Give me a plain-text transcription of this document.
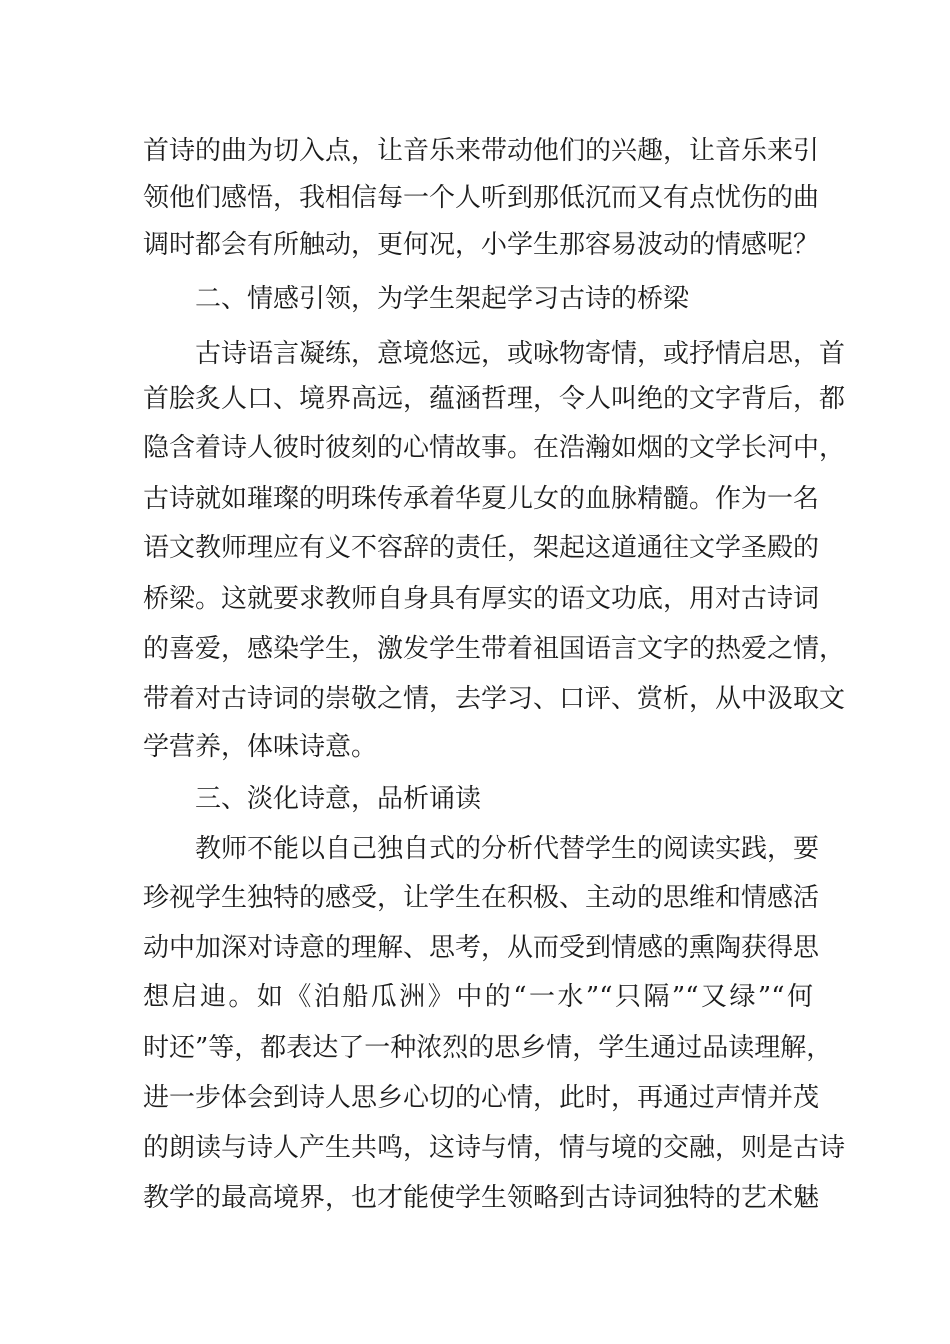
首诗的曲为切入点，让音乐来带动他们的兴趣，让音乐来引
领他们感悟，我相信每一个人听到那低沉而又有点忧伤的曲
调时都会有所触动，更何况，小学生那容易波动的情感呢？
二、情感引领，为学生架起学习古诗的桥梁
古诗语言凝练，意境悠远，或咏物寄情，或抒情启思，首
首脍炙人口、境界高远，蕴涵哲理，令人叫绝的文字背后，都
隐含着诗人彼时彼刻的心情故事。在浩瀚如烟的文学长河中，
古诗就如璀璨的明珠传承着华夏儿女的血脉精髓。作为一名
语文教师理应有义不容辞的责任，架起这道通往文学圣殿的
桥梁。这就要求教师自身具有厚实的语文功底，用对古诗词
的喜爱，感染学生，激发学生带着祖国语言文字的热爱之情，
带着对古诗词的崇敬之情，去学习、口评、赏析，从中汲取文
学营养，体味诗意。
三、淡化诗意，品析诵读
教师不能以自己独自式的分析代替学生的阅读实践，要
珍视学生独特的感受，让学生在积极、主动的思维和情感活
动中加深对诗意的理解、思考，从而受到情感的熏陶获得思
想启迪。如《泊船瓜洲》中的“一水”“只隔”“又绿”“何
时还”等，都表达了一种浓烈的思乡情，学生通过品读理解，
进一步体会到诗人思乡心切的心情，此时，再通过声情并茂
的朗读与诗人产生共鸣，这诗与情，情与境的交融，则是古诗
教学的最高境界，也才能使学生领略到古诗词独特的艺术魅
